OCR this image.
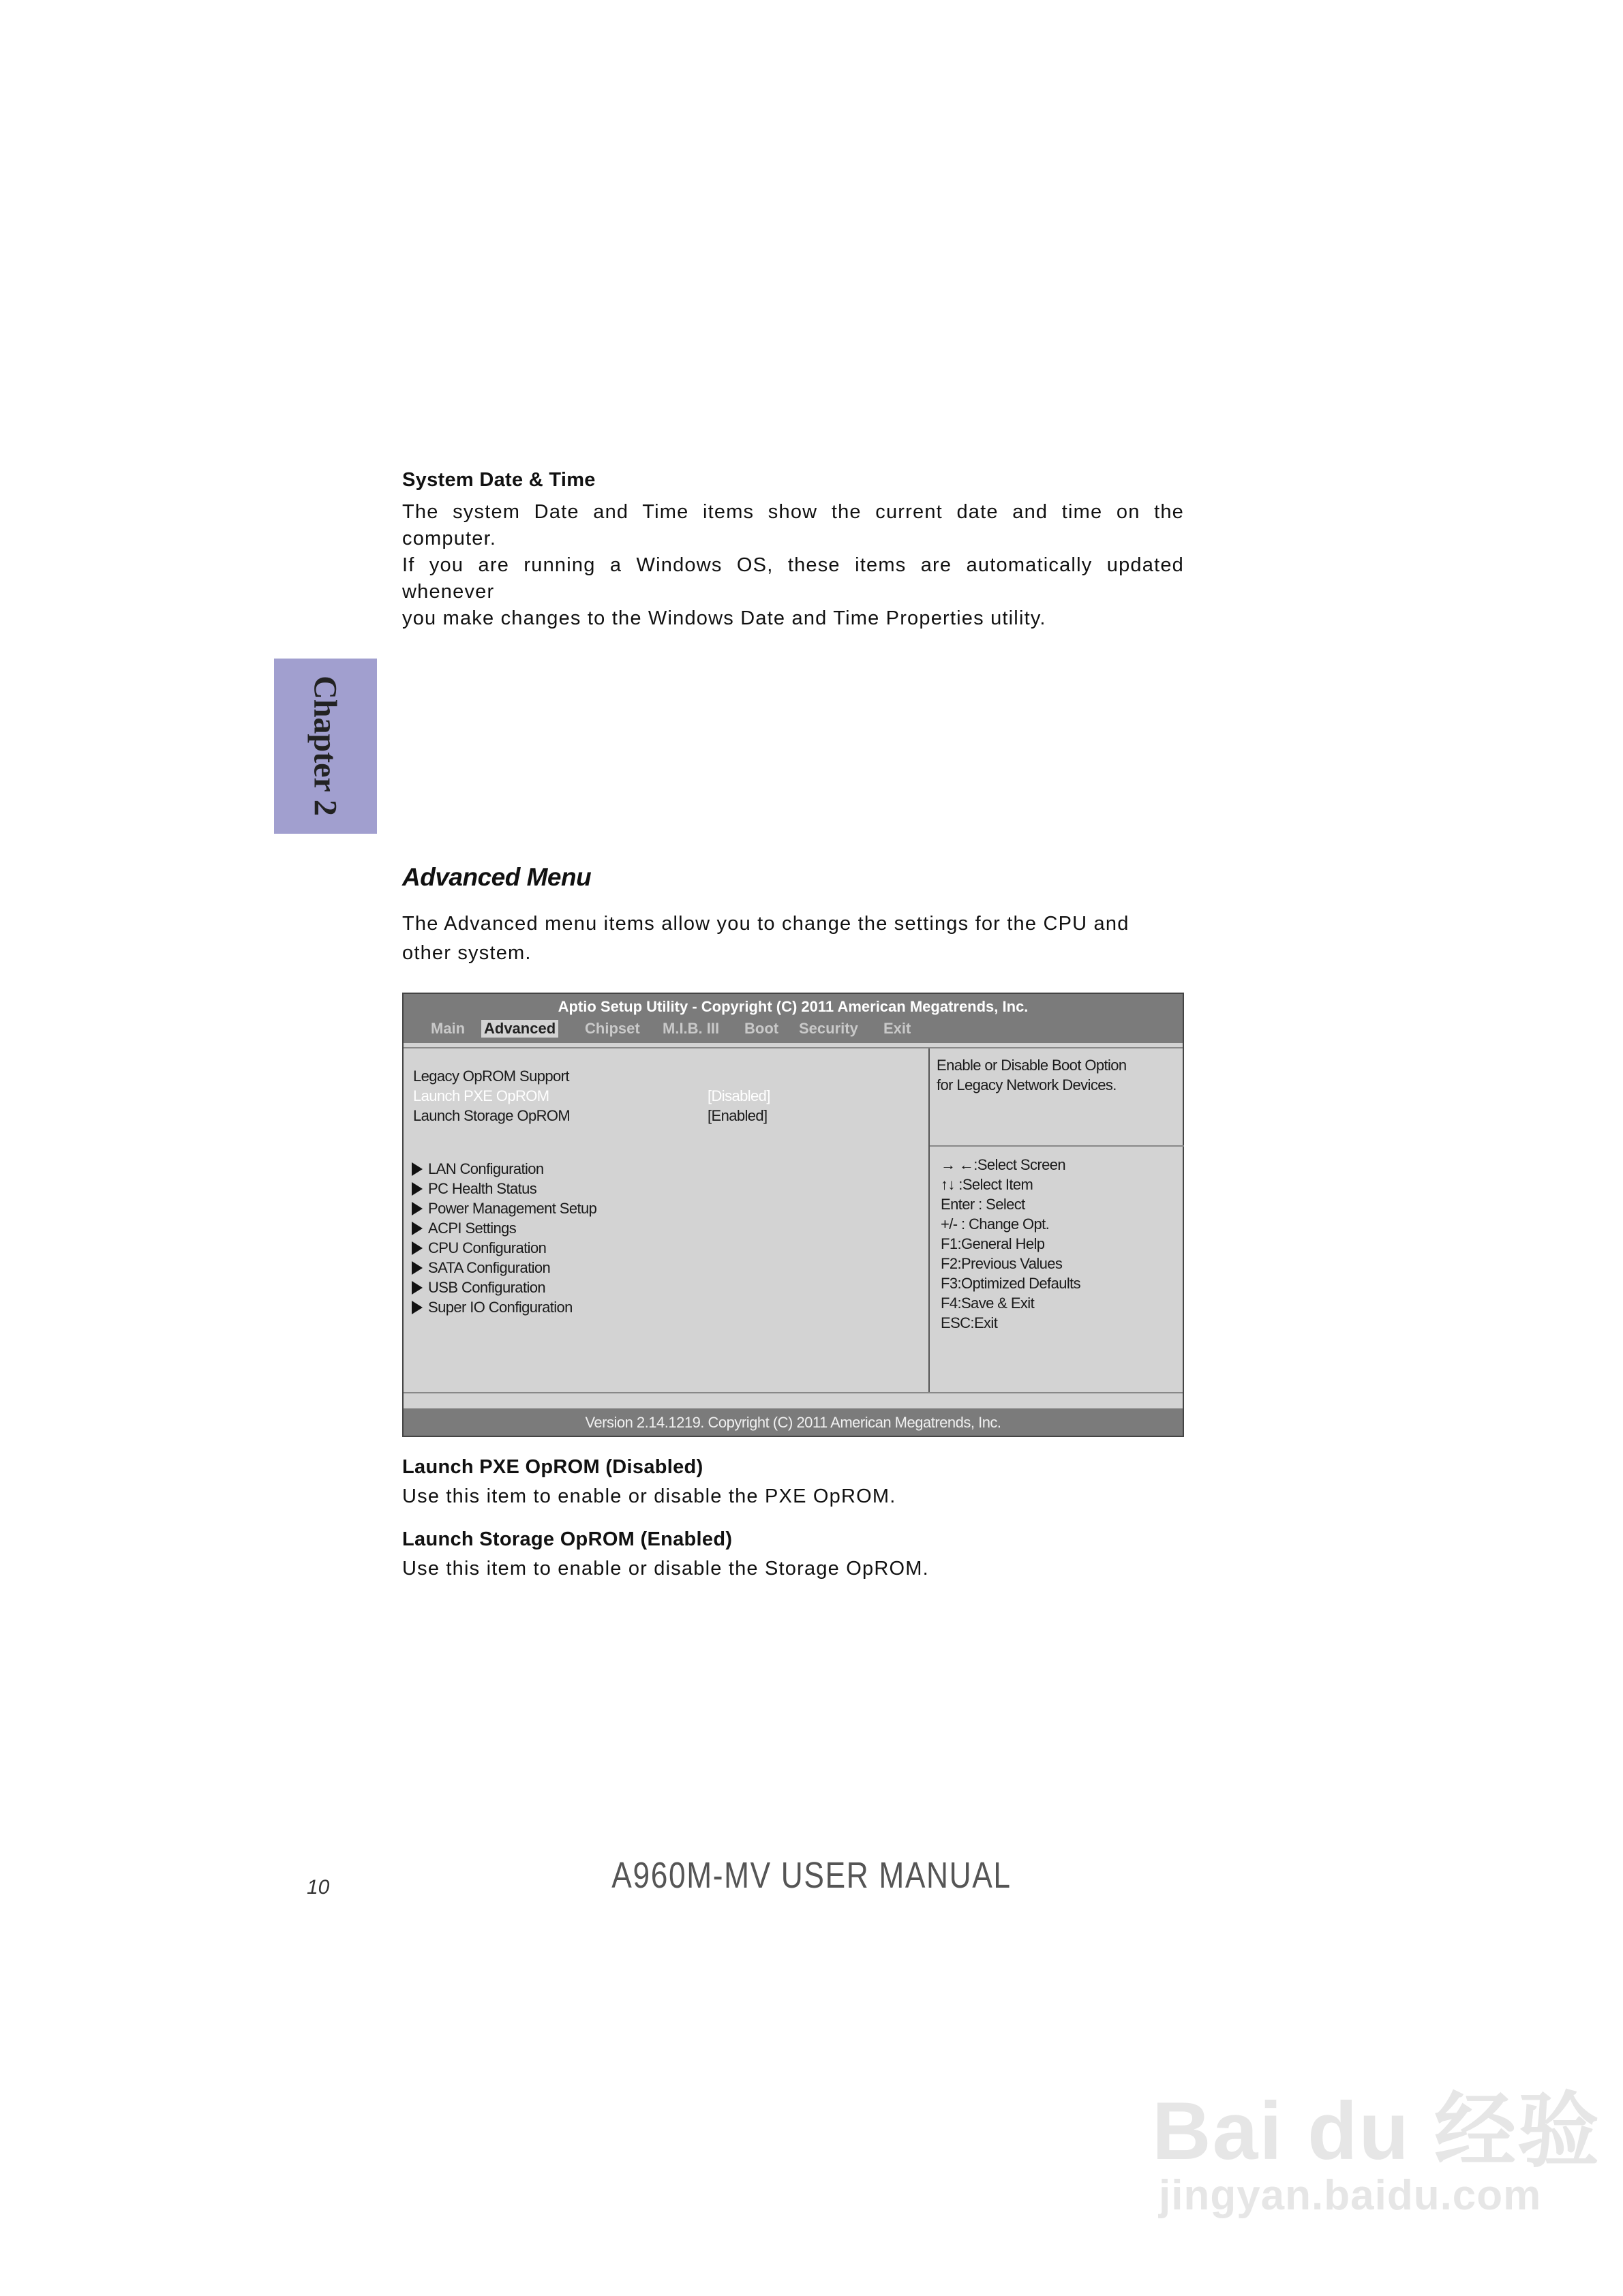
System Date & Time
The system Date and Time items show the current date and time on the computer.
If you are running a Windows OS, these items are automatically updated whenever
you make changes to the Windows Date and Time Properties utility.
Chapter 2
Advanced Menu
The Advanced menu items allow you to change the settings for the CPU and
other system.
Aptio Setup Utility - Copyright (C) 2011 American Megatrends, Inc.
Main Advanced Chipset M.I.B. III Boot Security Exit
Legacy OpROM Support
Launch PXE OpROM	[Disabled]
Launch Storage OpROM	[Enabled]
LAN Configuration
PC Health Status
Power Management Setup
ACPI Settings
CPU Configuration
SATA Configuration
USB Configuration
Super IO Configuration
Enable or Disable Boot Option
for Legacy Network Devices.
→ ←:Select Screen
↑↓ :Select Item
Enter : Select
+/- : Change Opt.
F1:General Help
F2:Previous Values
F3:Optimized Defaults
F4:Save & Exit
ESC:Exit
Version 2.14.1219. Copyright (C) 2011 American Megatrends, Inc.
Launch PXE OpROM (Disabled)
Use this item to enable or disable the PXE OpROM.
Launch Storage OpROM (Enabled)
Use this item to enable or disable the Storage OpROM.
10	A960M-MV USER MANUAL
Bai du 经验
jingyan.baidu.com
